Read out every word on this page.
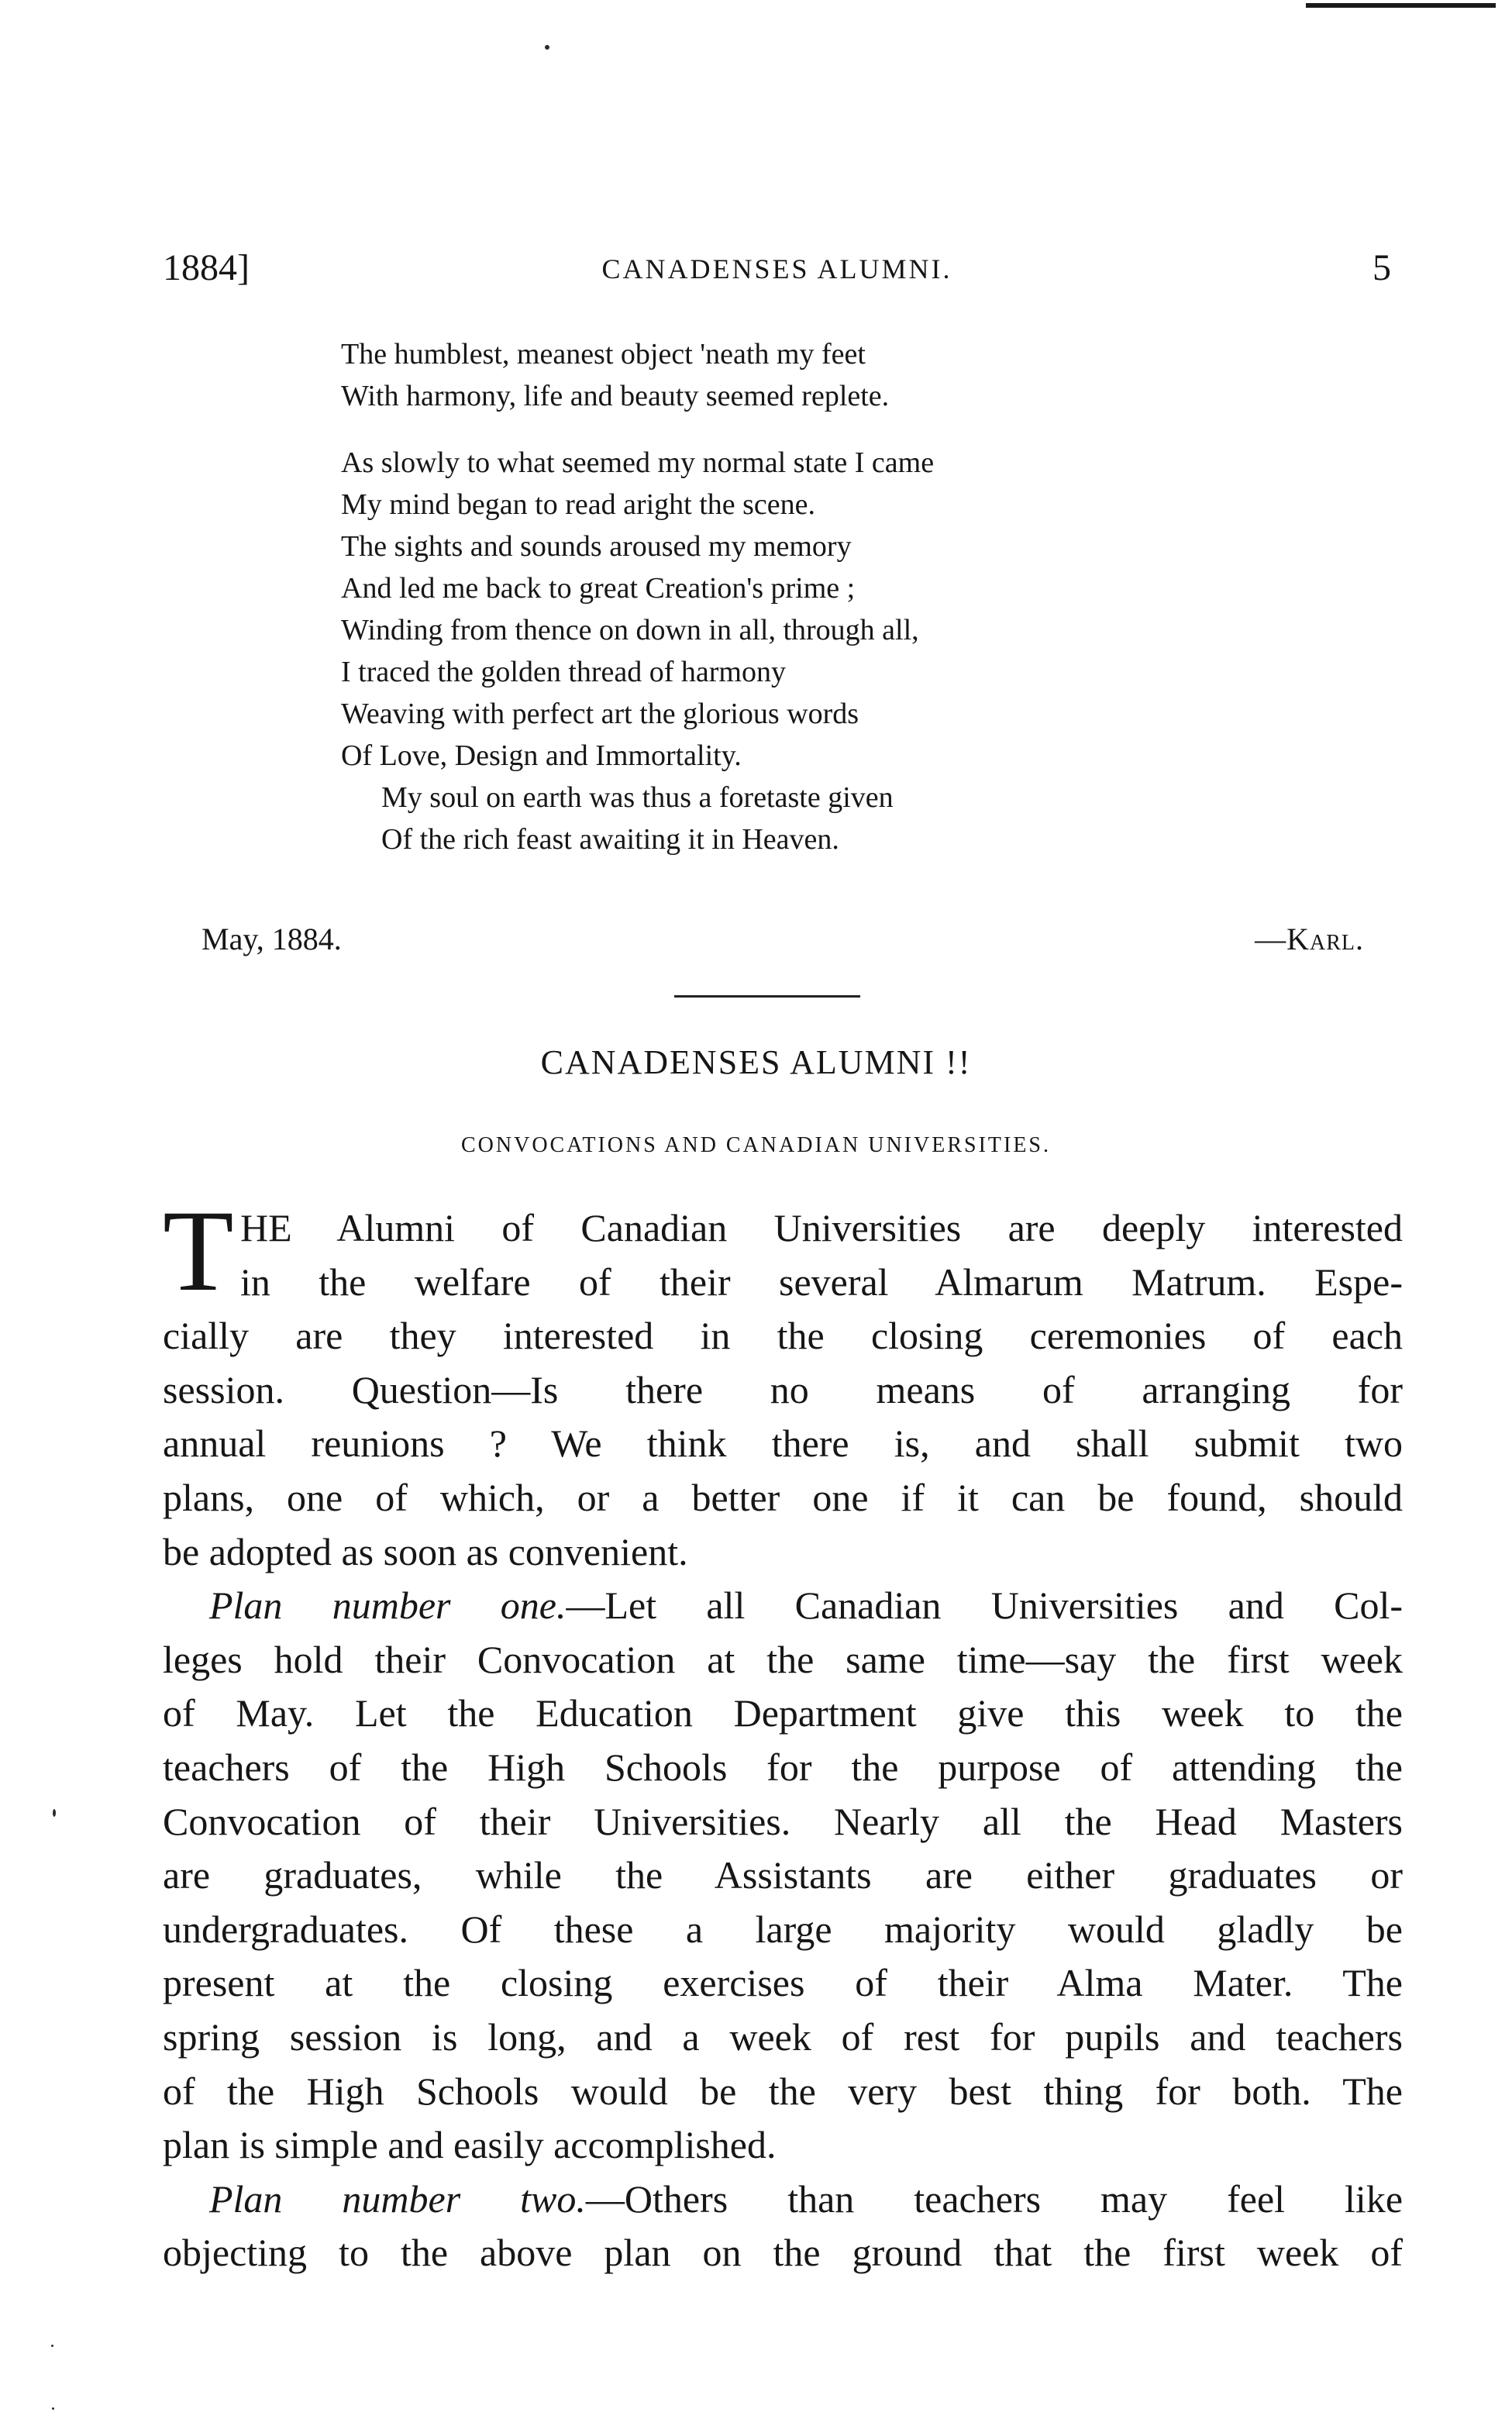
1884]	CANADENSES ALUMNI.	5
The humblest, meanest object 'neath my feet
With harmony, life and beauty seemed replete.
As slowly to what seemed my normal state I came
My mind began to read aright the scene.
The sights and sounds aroused my memory
And led me back to great Creation's prime ;
Winding from thence on down in all, through all,
I traced the golden thread of harmony
Weaving with perfect art the glorious words
Of Love, Design and Immortality.
My soul on earth was thus a foretaste given
Of the rich feast awaiting it in Heaven.
May, 1884.	—Karl.
CANADENSES ALUMNI !!
CONVOCATIONS AND CANADIAN UNIVERSITIES.
T HE Alumni of Canadian Universities are deeply interested
in the welfare of their several Almarum Matrum. Espe-
cially are they interested in the closing ceremonies of each
session. Question—Is there no means of arranging for
annual reunions ? We think there is, and shall submit two
plans, one of which, or a better one if it can be found, should
be adopted as soon as convenient.
Plan number one.—Let all Canadian Universities and Col-
leges hold their Convocation at the same time—say the first week
of May. Let the Education Department give this week to the
teachers of the High Schools for the purpose of attending the
Convocation of their Universities. Nearly all the Head Masters
are graduates, while the Assistants are either graduates or
undergraduates. Of these a large majority would gladly be
present at the closing exercises of their Alma Mater. The
spring session is long, and a week of rest for pupils and teachers
of the High Schools would be the very best thing for both. The
plan is simple and easily accomplished.
Plan number two.—Others than teachers may feel like
objecting to the above plan on the ground that the first week of
